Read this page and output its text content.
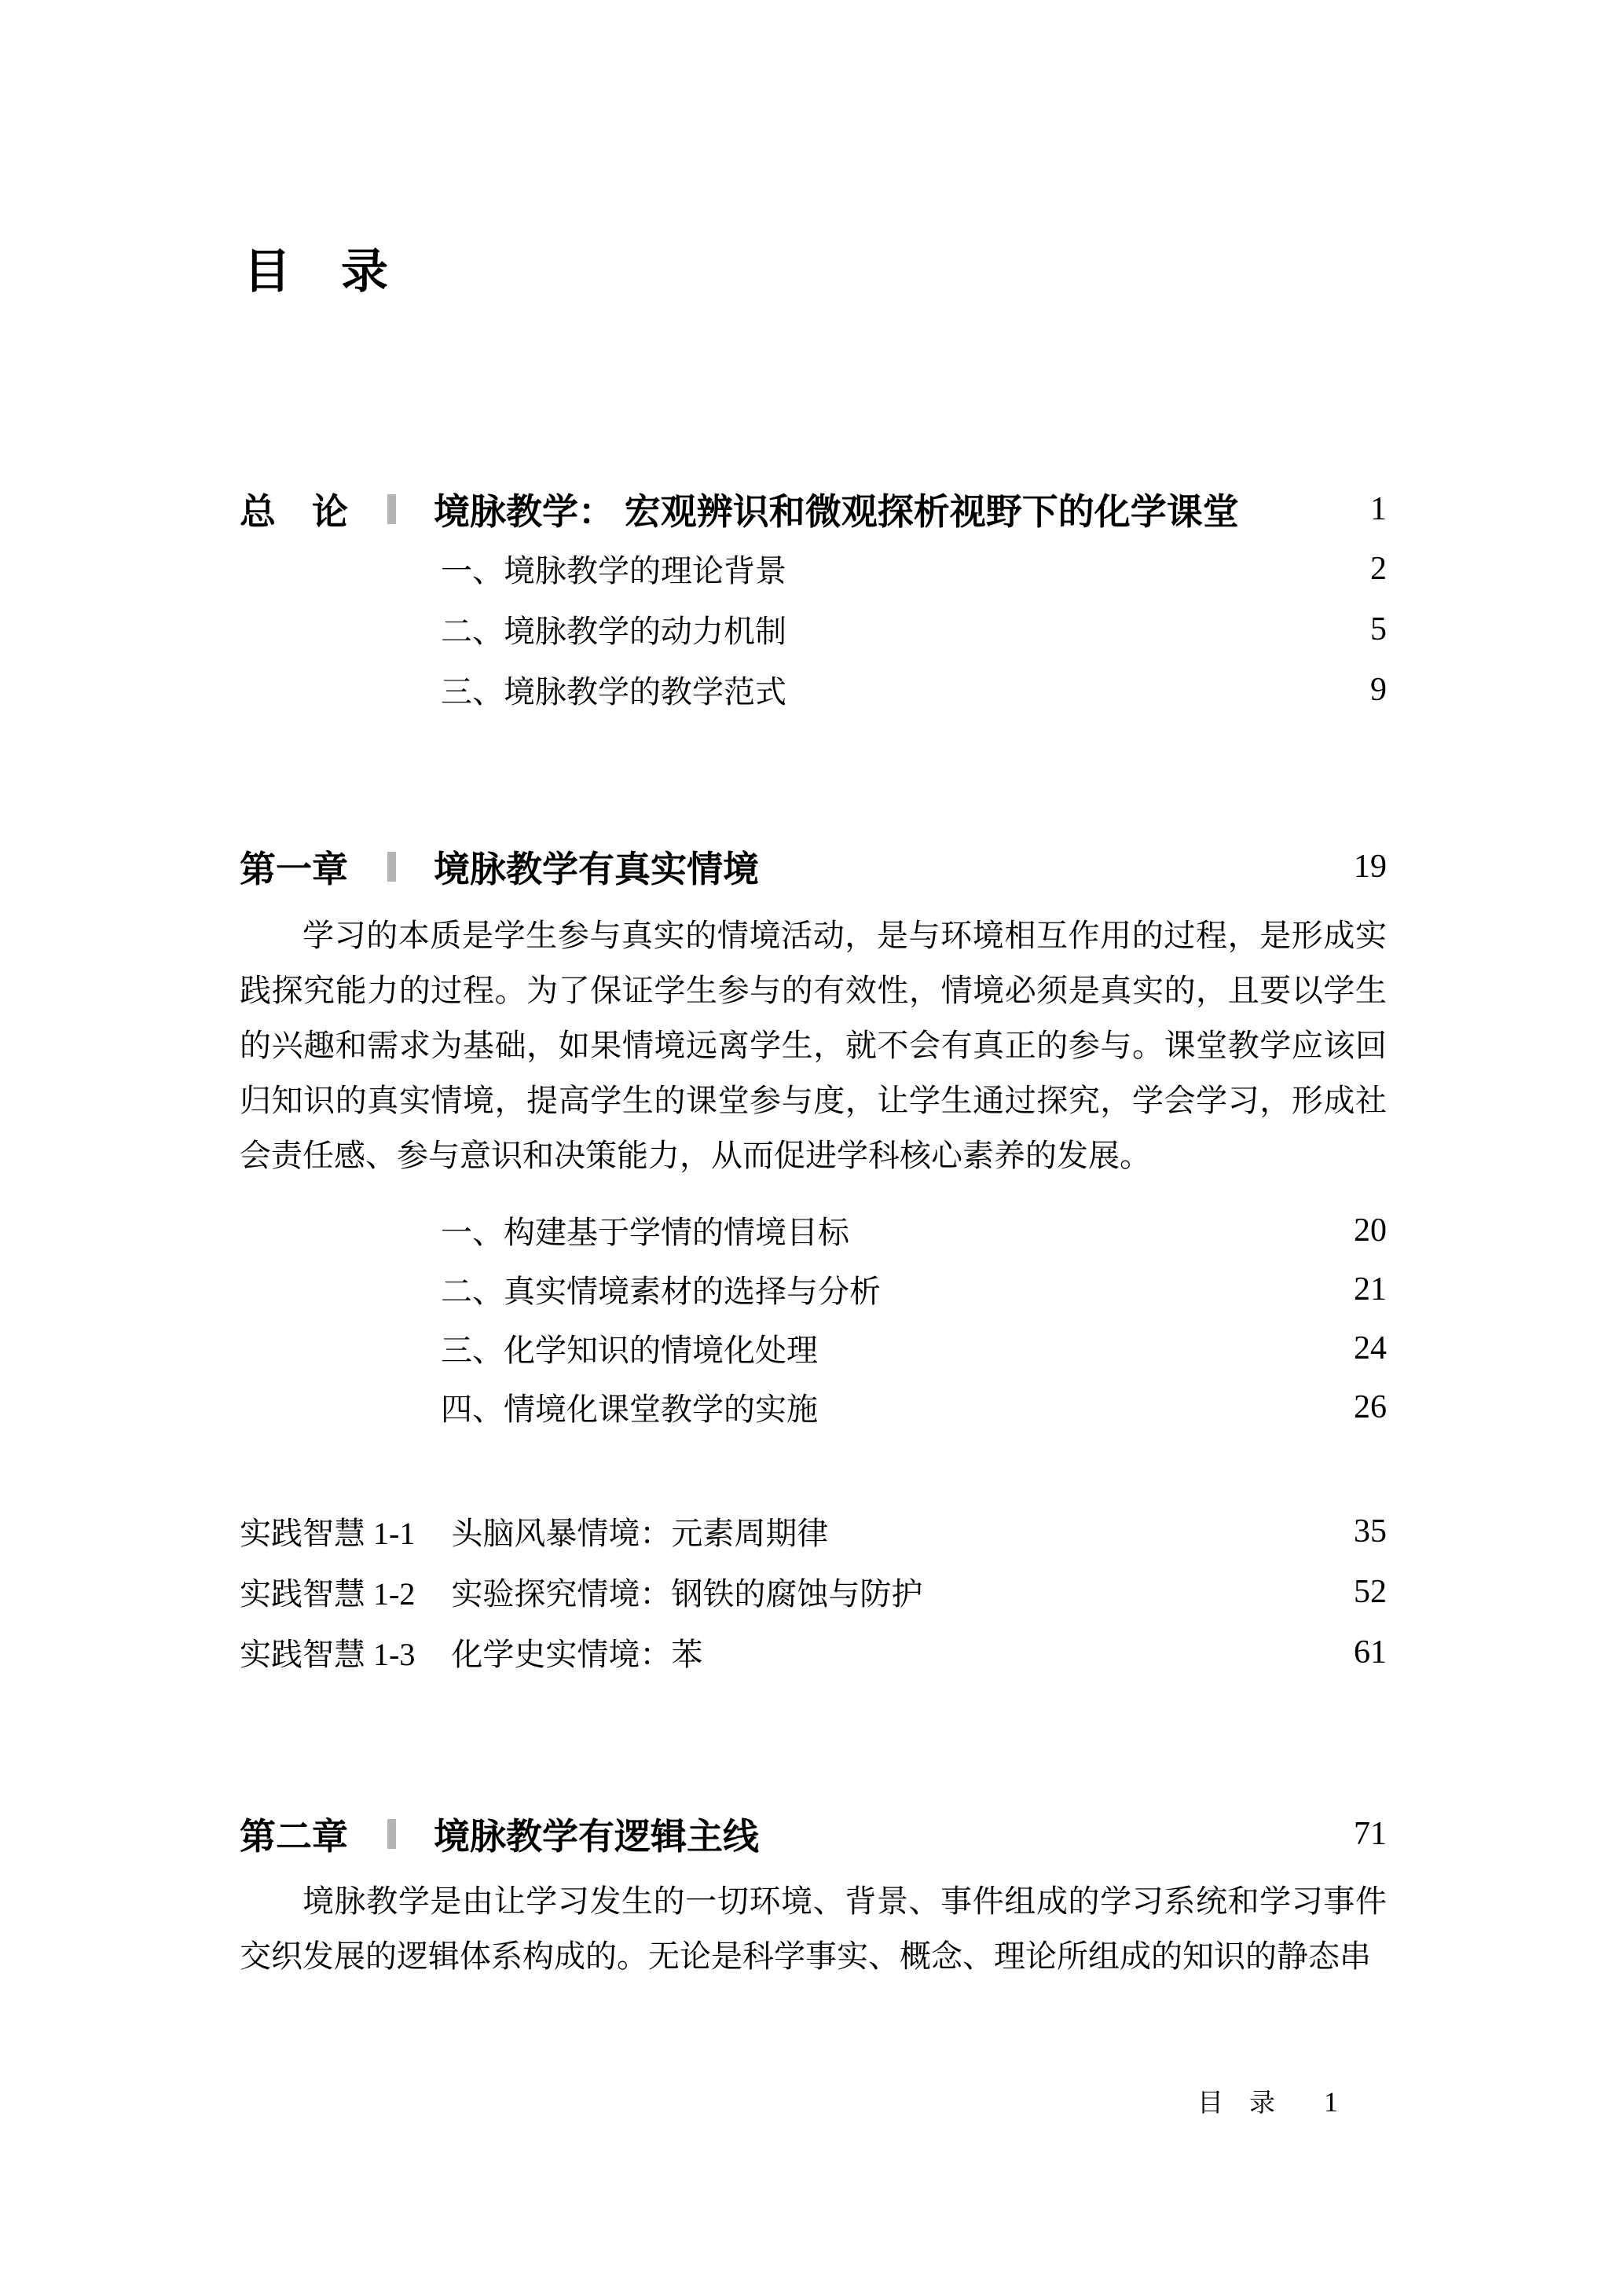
目　录
总　论 境脉教学： 宏观辨识和微观探析视野下的化学课堂	1
一、 境脉教学的理论背景	2
二、 境脉教学的动力机制	5
三、 境脉教学的教学范式	9
第一章 境脉教学有真实情境	19

学习的本质是学生参与真实的情境活动，是与环境相互作用的过程，是形成实践探究能力的过程。为了保证学生参与的有效性，情境必须是真实的，且要以学生的兴趣和需求为基础，如果情境远离学生，就不会有真正的参与。课堂教学应该回归知识的真实情境，提高学生的课堂参与度，让学生通过探究，学会学习，形成社会责任感、参与意识和决策能力，从而促进学科核心素养的发展。

一、 构建基于学情的情境目标	20
二、 真实情境素材的选择与分析	21
三、 化学知识的情境化处理	24
四、 情境化课堂教学的实施	26
实践智慧 1-1 头脑风暴情境：元素周期律	35
实践智慧 1-2 实验探究情境：钢铁的腐蚀与防护	52
实践智慧 1-3 化学史实情境：苯	61
第二章 境脉教学有逻辑主线	71

境脉教学是由让学习发生的一切环境、背景、事件组成的学习系统和学习事件交织发展的逻辑体系构成的。无论是科学事实、概念、理论所组成的知识的静态串

目　录 1
